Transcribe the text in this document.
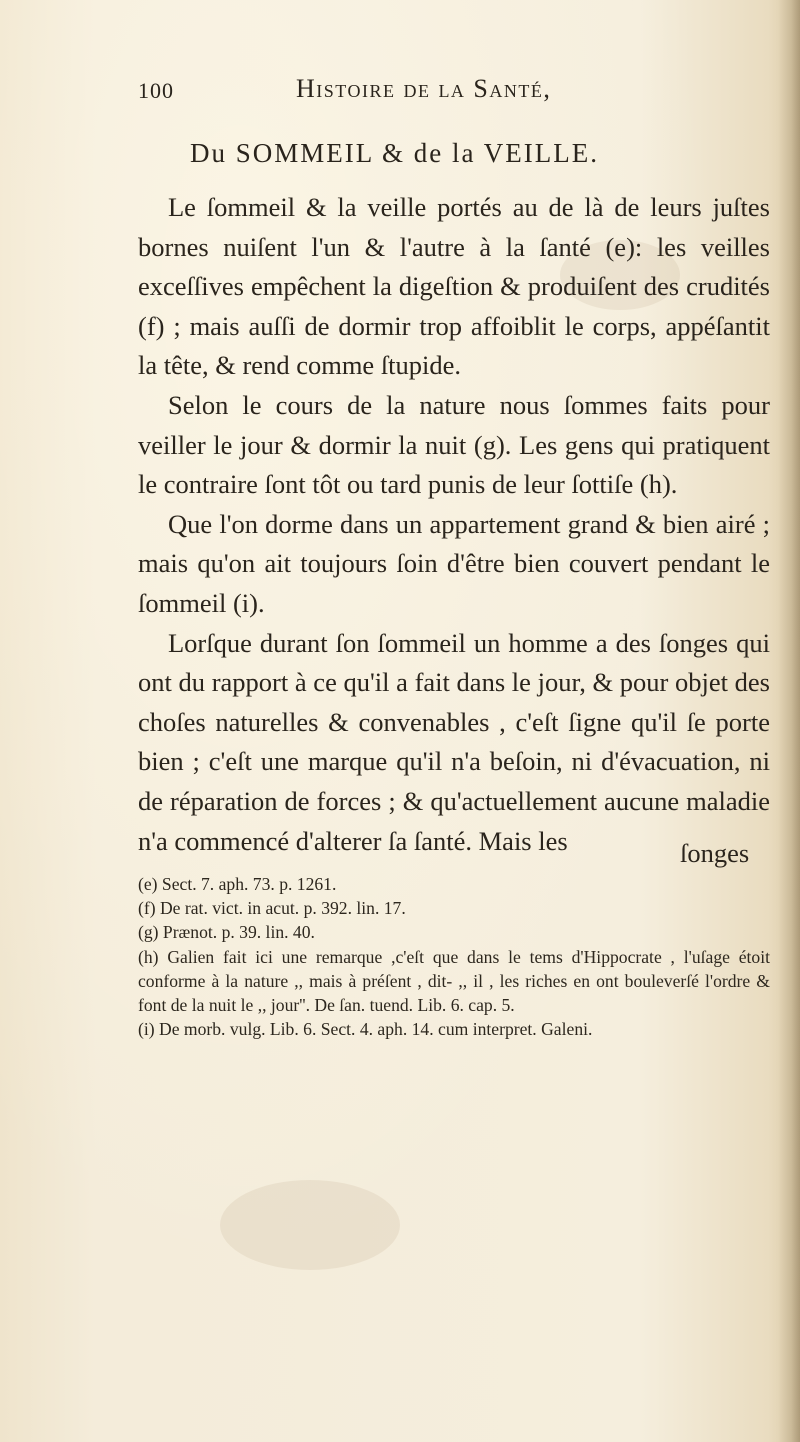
100	Histoire de la Santé,
Du SOMMEIL & de la VEILLE.

Le ſommeil & la veille portés au de là de leurs juſtes bornes nuiſent l'un & l'autre à la ſanté (e): les veilles exceſſives empêchent la digeſtion & produiſent des crudités (f) ; mais auſſi de dormir trop affoiblit le corps, appéſantit la tête, & rend comme ſtupide.

Selon le cours de la nature nous ſommes faits pour veiller le jour & dormir la nuit (g). Les gens qui pratiquent le contraire ſont tôt ou tard punis de leur ſottiſe (h).

Que l'on dorme dans un appartement grand & bien airé ; mais qu'on ait toujours ſoin d'être bien couvert pendant le ſommeil (i).

Lorſque durant ſon ſommeil un homme a des ſonges qui ont du rapport à ce qu'il a fait dans le jour, & pour objet des choſes naturelles & convenables , c'eſt ſigne qu'il ſe porte bien ; c'eſt une marque qu'il n'a beſoin, ni d'évacuation, ni de réparation de forces ; & qu'actuellement aucune maladie n'a commencé d'alterer ſa ſanté. Mais les	ſonges

(e) Sect. 7. aph. 73. p. 1261.

(f) De rat. vict. in acut. p. 392. lin. 17.

(g) Prænot. p. 39. lin. 40.

(h) Galien fait ici une remarque ,c'eſt que dans le tems d'Hippocrate , l'uſage étoit conforme à la nature ,, mais à préſent , dit- ,, il , les riches en ont bouleverſé l'ordre & font de la nuit le ,, jour''. De ſan. tuend. Lib. 6. cap. 5.

(i) De morb. vulg. Lib. 6. Sect. 4. aph. 14. cum interpret. Galeni.
